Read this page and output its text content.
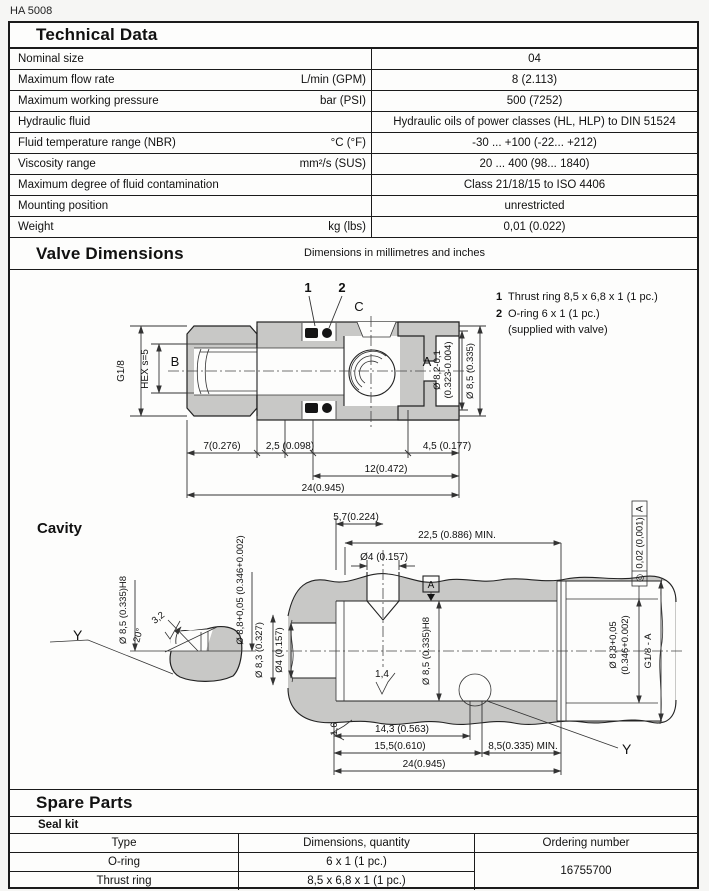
HA 5008
Technical Data
Nominal size	04
Maximum flow rate	L/min (GPM)	8 (2.113)
Maximum working pressure	bar (PSI)	500 (7252)
Hydraulic fluid	Hydraulic oils of power classes (HL, HLP) to DIN 51524
Fluid temperature range (NBR)	°C (°F)	-30 ... +100 (-22... +212)
Viscosity range	mm²/s (SUS)	20 ... 400 (98... 1840)
Maximum degree of fluid contamination	Class 21/18/15 to ISO 4406
Mounting position	unrestricted
Weight	kg (lbs)	0,01 (0.022)
Valve Dimensions	Dimensions in millimetres and inches
G1/8 HEX s=5 B
1 2
C
A Ø 8,2-0,1 (0.323-0.004) Ø 8,5 (0.335)
7(0.276)	2,5 (0.098)	4,5 (0.177)
12(0.472)
24(0.945)
1 Thrust ring 8,5 x 6,8 x 1 (1 pc.)
2 O-ring 6 x 1 (1 pc.)
(supplied with valve)
Cavity
Y	20°
3,2
Ø 8,5 (0.335)H8	Ø 8,8+0,05 (0.346+0.002)	A
5,7(0.224)
22,5 (0.886) MIN.
Ø4 (0.157)
Ø 8,3 (0.327) Ø4 (0.157)	Ø 8,5 (0.335)H8
1,4
1,6
Y
Ø 8,8+0,05 (0.346+0.002) G1/8 - A
A
0,02 (0,001)
◎
14,3 (0.563)
15,5(0.610)	8,5(0.335) MIN.
24(0.945)
Spare Parts
Seal kit
Type	Dimensions, quantity	Ordering number
O-ring	6 x 1 (1 pc.)
16755700
Thrust ring	8,5 x 6,8 x 1 (1 pc.)
